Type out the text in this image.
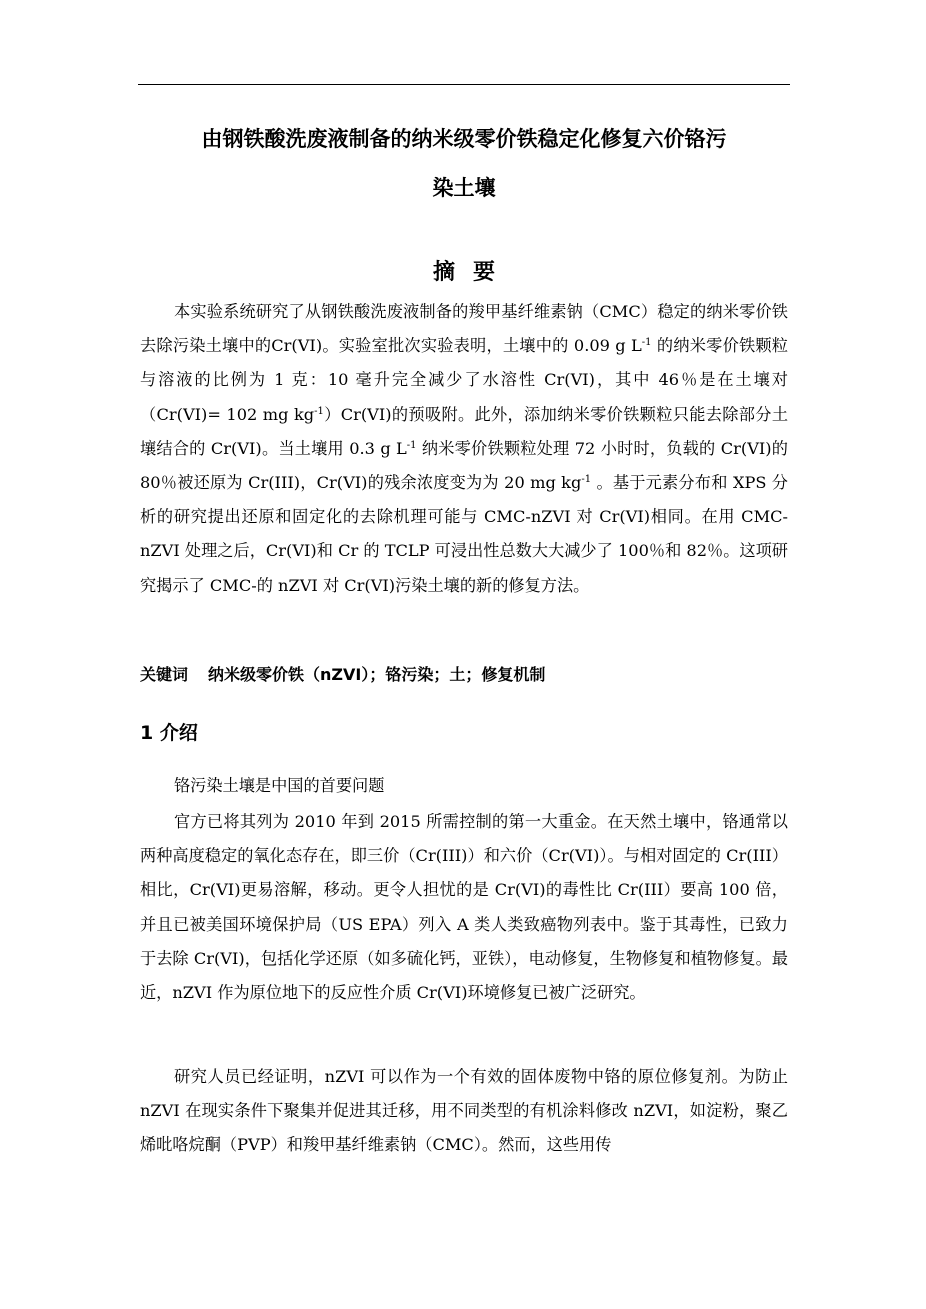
由钢铁酸洗废液制备的纳米级零价铁稳定化修复六价铬污
染土壤
摘要

本实验系统研究了从钢铁酸洗废液制备的羧甲基纤维素钠（CMC）稳定的纳米零价铁去除污染土壤中的Cr(VI)。实验室批次实验表明，土壤中的 0.09 g $L^{-1}$ 的纳米零价铁颗粒与溶液的比例为 1 克：10 毫升完全减少了水溶性 Cr(VI)，其中 46％是在土壤对（Cr(VI)= 102 mg $kg^{-1})Cr(VI)$的预吸附。此外，添加纳米零价铁颗粒只能去除部分土壤结合的 Cr(VI)。当土壤用 0.3 g $L^{-1}$ 纳米零价铁颗粒处理 72 小时时，负载的 Cr(VI)的 80％被还原为 Cr(III)，Cr(VI)的残余浓度变为为 20 mg $kg^{-1}$ 。基于元素分布和 XPS 分析的研究提出还原和固定化的去除机理可能与 CMC-nZVI 对 Cr(VI)相同。在用 CMC-nZVI 处理之后，Cr(VI)和 Cr 的 TCLP 可浸出性总数大大减少了 100％和 82％。这项研究揭示了 CMC-的 nZVI 对 Cr(VI)污染土壤的新的修复方法。

关键词 纳米级零价铁（nZVI）；铬污染；土；修复机制

1 介绍

铬污染土壤是中国的首要问题

官方已将其列为 2010 年到 2015 所需控制的第一大重金。在天然土壤中，铬通常以两种高度稳定的氧化态存在，即三价（Cr(III)）和六价（Cr(VI)）。与相对固定的 Cr(III）相比，Cr(VI)更易溶解，移动。更令人担忧的是 Cr(VI)的毒性比 Cr(III）要高 100 倍，并且已被美国环境保护局（US EPA）列入 A 类人类致癌物列表中。鉴于其毒性，已致力于去除 Cr(VI)，包括化学还原（如多硫化钙，亚铁），电动修复，生物修复和植物修复。最近，nZVI 作为原位地下的反应性介质 Cr(VI)环境修复已被广泛研究。

研究人员已经证明，nZVI 可以作为一个有效的固体废物中铬的原位修复剂。为防止 nZVI 在现实条件下聚集并促进其迁移，用不同类型的有机涂料修改 nZVI，如淀粉，聚乙烯吡咯烷酮（PVP）和羧甲基纤维素钠（CMC）。然而，这些用传
